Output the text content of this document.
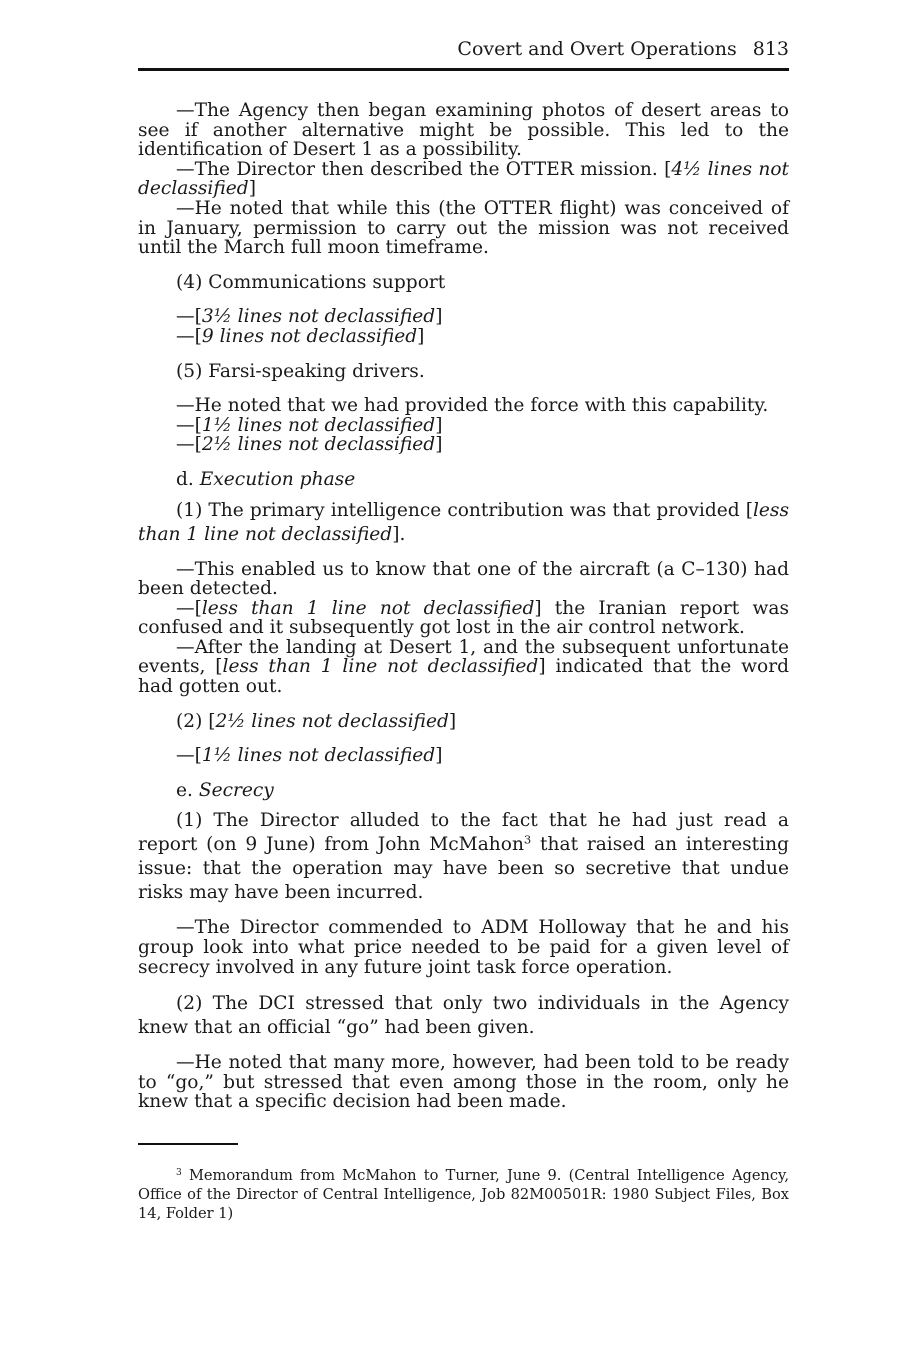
Covert and Overt Operations 813

—The Agency then began examining photos of desert areas to see if another alternative might be possible. This led to the identification of Desert 1 as a possibility.

—The Director then described the OTTER mission. [4½ lines not declassified]

—He noted that while this (the OTTER flight) was conceived of in January, permission to carry out the mission was not received until the March full moon timeframe.

(4) Communications support

—[3½ lines not declassified]

—[9 lines not declassified]

(5) Farsi-speaking drivers.

—He noted that we had provided the force with this capability.

—[1½ lines not declassified]

—[2½ lines not declassified]

d. Execution phase

(1) The primary intelligence contribution was that provided [less than 1 line not declassified].

—This enabled us to know that one of the aircraft (a C–130) had been detected.

—[less than 1 line not declassified] the Iranian report was confused and it subsequently got lost in the air control network.

—After the landing at Desert 1, and the subsequent unfortunate events, [less than 1 line not declassified] indicated that the word had gotten out.

(2) [2½ lines not declassified]

—[1½ lines not declassified]

e. Secrecy

(1) The Director alluded to the fact that he had just read a report (on 9 June) from John McMahon$^3$ that raised an interesting issue: that the operation may have been so secretive that undue risks may have been incurred.

—The Director commended to ADM Holloway that he and his group look into what price needed to be paid for a given level of secrecy involved in any future joint task force operation.

(2) The DCI stressed that only two individuals in the Agency knew that an official “go” had been given.

—He noted that many more, however, had been told to be ready to “go,” but stressed that even among those in the room, only he knew that a specific decision had been made.

$^3$ Memorandum from McMahon to Turner, June 9. (Central Intelligence Agency, Office of the Director of Central Intelligence, Job 82M00501R: 1980 Subject Files, Box 14, Folder 1)
